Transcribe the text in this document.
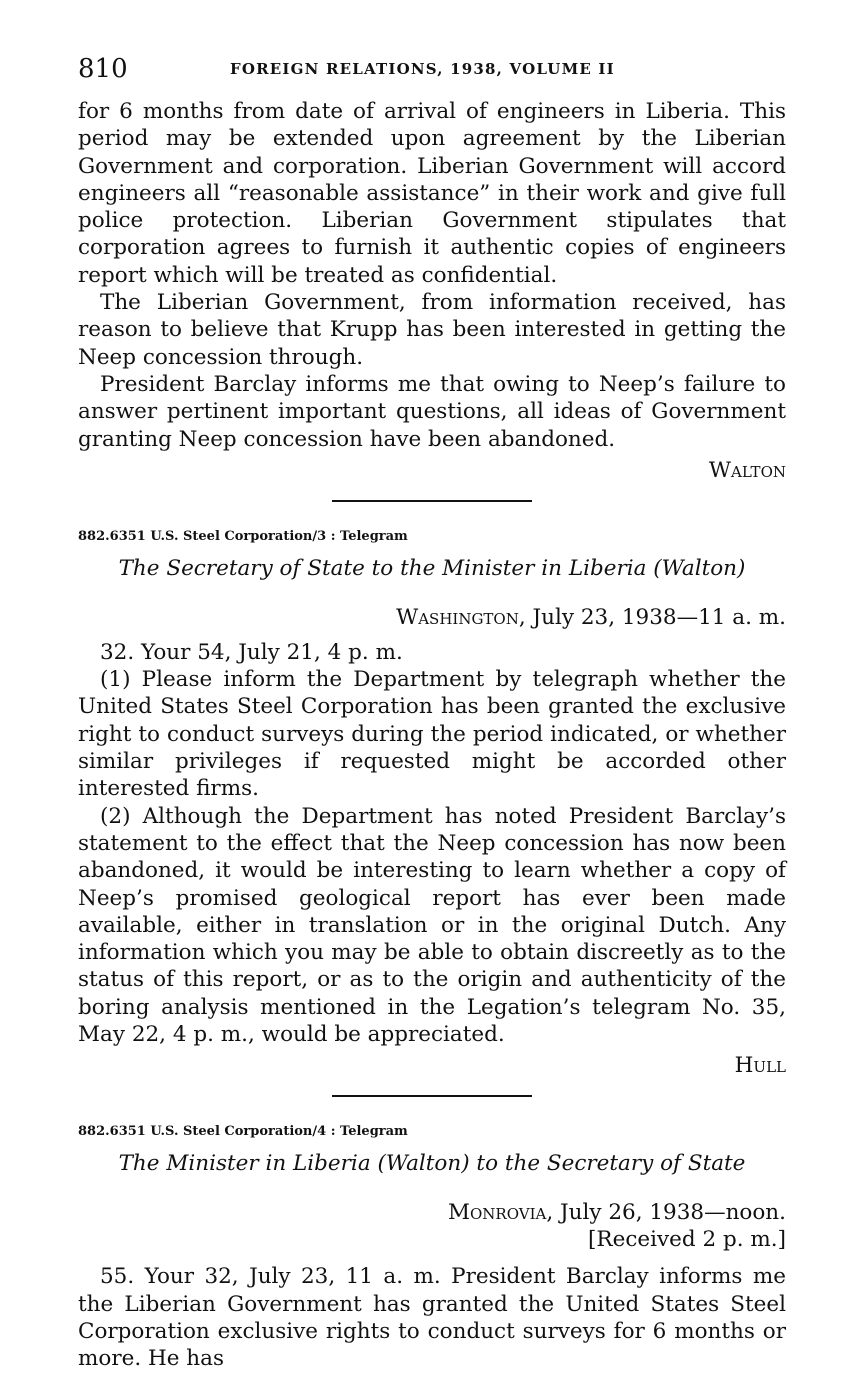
810	FOREIGN RELATIONS, 1938, VOLUME II

for 6 months from date of arrival of engineers in Liberia. This period may be extended upon agreement by the Liberian Government and corporation. Liberian Government will accord engineers all “reasonable assistance” in their work and give full police protection. Liberian Government stipulates that corporation agrees to furnish it authentic copies of engineers report which will be treated as confidential.

The Liberian Government, from information received, has reason to believe that Krupp has been interested in getting the Neep concession through.

President Barclay informs me that owing to Neep’s failure to answer pertinent important questions, all ideas of Government granting Neep concession have been abandoned.

Walton
882.6351 U.S. Steel Corporation/3 : Telegram
The Secretary of State to the Minister in Liberia (Walton)
Washington, July 23, 1938—11 a. m.

32. Your 54, July 21, 4 p. m.

(1) Please inform the Department by telegraph whether the United States Steel Corporation has been granted the exclusive right to conduct surveys during the period indicated, or whether similar privileges if requested might be accorded other interested firms.

(2) Although the Department has noted President Barclay’s statement to the effect that the Neep concession has now been abandoned, it would be interesting to learn whether a copy of Neep’s promised geological report has ever been made available, either in translation or in the original Dutch. Any information which you may be able to obtain discreetly as to the status of this report, or as to the origin and authenticity of the boring analysis mentioned in the Legation’s telegram No. 35, May 22, 4 p. m., would be appreciated.

Hull
882.6351 U.S. Steel Corporation/4 : Telegram
The Minister in Liberia (Walton) to the Secretary of State
Monrovia, July 26, 1938—noon.
[Received 2 p. m.]

55. Your 32, July 23, 11 a. m. President Barclay informs me the Liberian Government has granted the United States Steel Corporation exclusive rights to conduct surveys for 6 months or more. He has
